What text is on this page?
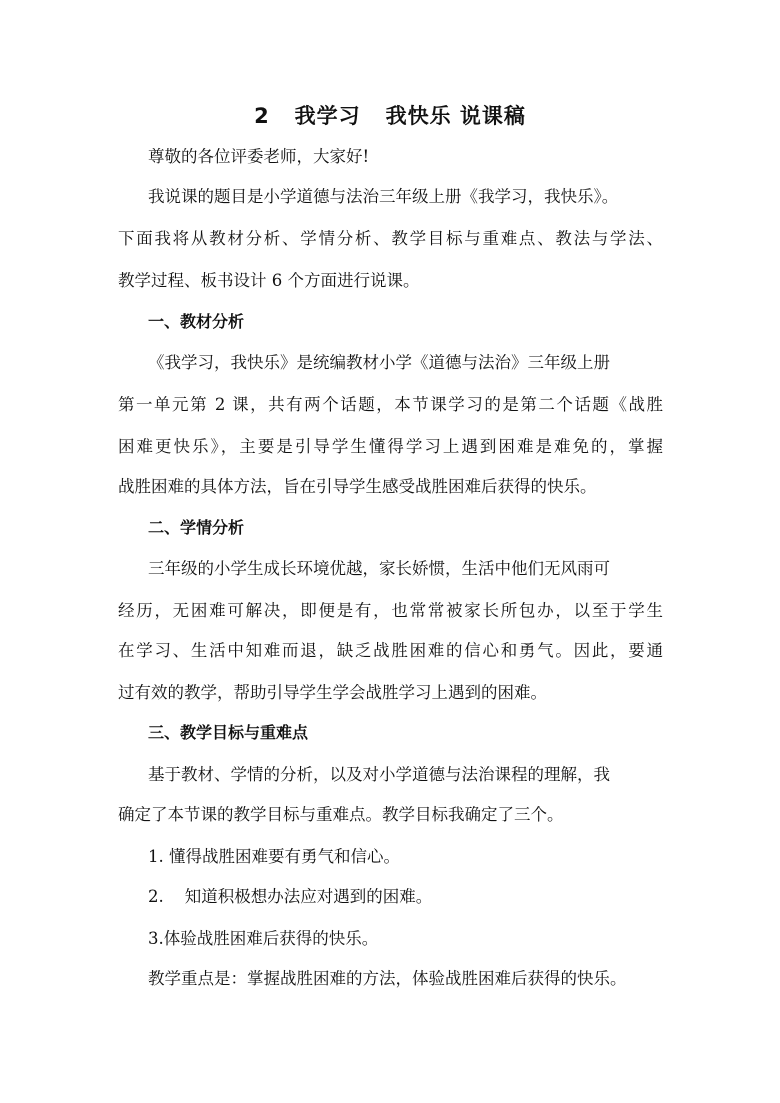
2   我学习   我快乐 说课稿
尊敬的各位评委老师，大家好!
我说课的题目是小学道德与法治三年级上册《我学习，我快乐》。
下面我将从教材分析、学情分析、教学目标与重难点、教法与学法、
教学过程、板书设计 6 个方面进行说课。
一、教材分析
《我学习，我快乐》是统编教材小学《道德与法治》三年级上册
第一单元第 2 课，共有两个话题，本节课学习的是第二个话题《战胜
困难更快乐》，主要是引导学生懂得学习上遇到困难是难免的，掌握
战胜困难的具体方法，旨在引导学生感受战胜困难后获得的快乐。
二、学情分析
三年级的小学生成长环境优越，家长娇惯，生活中他们无风雨可
经历，无困难可解决，即便是有，也常常被家长所包办，以至于学生
在学习、生活中知难而退，缺乏战胜困难的信心和勇气。因此，要通
过有效的教学，帮助引导学生学会战胜学习上遇到的困难。
三、教学目标与重难点
基于教材、学情的分析，以及对小学道德与法治课程的理解，我
确定了本节课的教学目标与重难点。教学目标我确定了三个。
1. 懂得战胜困难要有勇气和信心。
2.    知道积极想办法应对遇到的困难。
3.体验战胜困难后获得的快乐。
教学重点是：掌握战胜困难的方法，体验战胜困难后获得的快乐。
